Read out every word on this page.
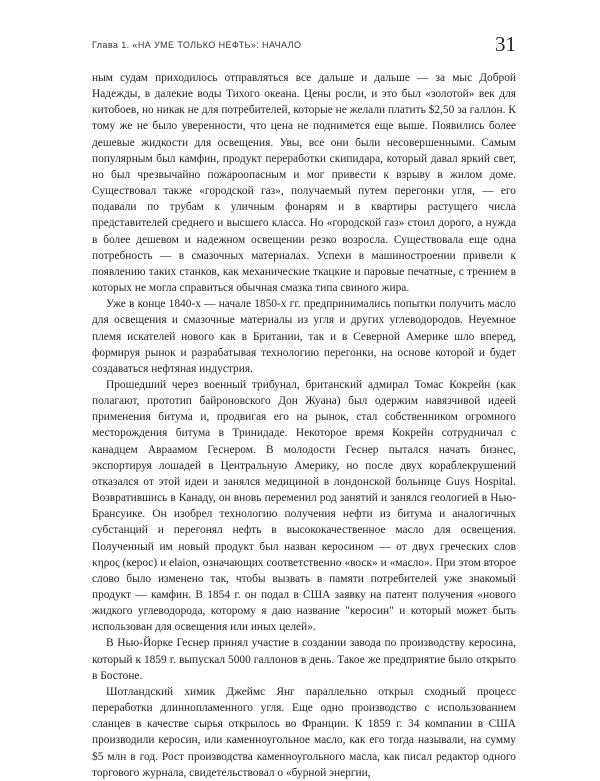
Глава 1. «НА УМЕ ТОЛЬКО НЕФТЬ»: НАЧАЛО	31

ным судам приходилось отправляться все дальше и дальше — за мыс Доброй Надежды, в далекие воды Тихого океана. Цены росли, и это был «золотой» век для китобоев, но никак не для потребителей, которые не желали платить $2,50 за галлон. К тому же не было уверенности, что цена не поднимется еще выше. Появились более дешевые жидкости для освещения. Увы, все они были несовершенными. Самым популярным был камфин, продукт переработки скипидара, который давал яркий свет, но был чрезвычайно пожароопасным и мог привести к взрыву в жилом доме. Существовал также «городской газ», получаемый путем перегонки угля, — его подавали по трубам к уличным фонарям и в квартиры растущего числа представителей среднего и высшего класса. Но «городской газ» стоил дорого, а нужда в более дешевом и надежном освещении резко возросла. Существовала еще одна потребность — в смазочных материалах. Успехи в машиностроении привели к появлению таких станков, как механические ткацкие и паровые печатные, с трением в которых не могла справиться обычная смазка типа свиного жира.

Уже в конце 1840-х — начале 1850-х гг. предпринимались попытки получить масло для освещения и смазочные материалы из угля и других углеводородов. Неуемное племя искателей нового как в Британии, так и в Северной Америке шло вперед, формируя рынок и разрабатывая технологию перегонки, на основе которой и будет создаваться нефтяная индустрия.

Прошедший через военный трибунал, британский адмирал Томас Кокрейн (как полагают, прототип байроновского Дон Жуана) был одержим навязчивой идеей применения битума и, продвигая его на рынок, стал собственником огромного месторождения битума в Тринидаде. Некоторое время Кокрейн сотрудничал с канадцем Авраамом Геснером. В молодости Геснер пытался начать бизнес, экспортируя лошадей в Центральную Америку, но после двух кораблекрушений отказался от этой идеи и занялся медициной в лондонской больнице Guys Hospital. Возвратившись в Канаду, он вновь переменил род занятий и занялся геологией в Нью-Брансуике. Он изобрел технологию получения нефти из битума и аналогичных субстанций и перегонял нефть в высококачественное масло для освещения. Полученный им новый продукт был назван керосином — от двух греческих слов κηρος (керос) и elaion, означающих соответственно «воск» и «масло». При этом второе слово было изменено так, чтобы вызвать в памяти потребителей уже знакомый продукт — камфин. В 1854 г. он подал в США заявку на патент получения «нового жидкого углеводорода, которому я даю название "керосин" и который может быть использован для освещения или иных целей».

В Нью-Йорке Геснер принял участие в создании завода по производству керосина, который к 1859 г. выпускал 5000 галлонов в день. Такое же предприятие было открыто в Бостоне.

Шотландский химик Джеймс Янг параллельно открыл сходный процесс переработки длиннопламенного угля. Еще одно производство с использованием сланцев в качестве сырья открылось во Франции. К 1859 г. 34 компании в США производили керосин, или каменноугольное масло, как его тогда называли, на сумму $5 млн в год. Рост производства каменноугольного масла, как писал редактор одного торгового журнала, свидетельствовал о «бурной энергии,
